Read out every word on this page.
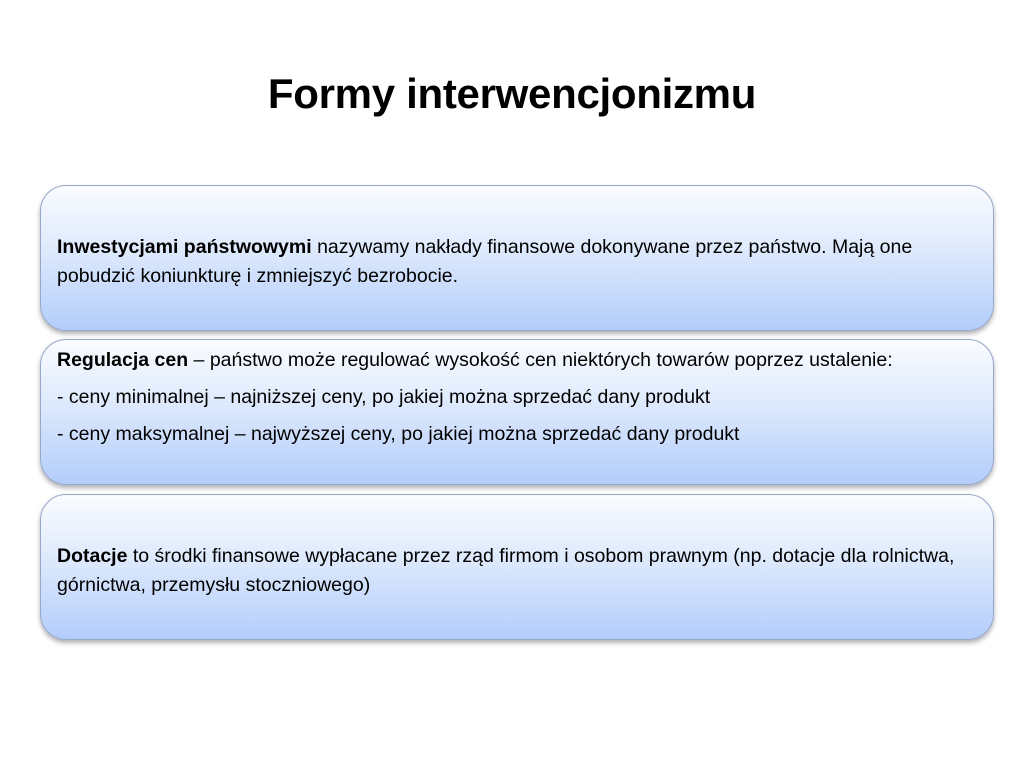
Formy interwencjonizmu

Inwestycjami państwowymi nazywamy nakłady finansowe dokonywane przez państwo. Mają one pobudzić koniunkturę i zmniejszyć bezrobocie.

Regulacja cen – państwo może regulować wysokość cen niektórych towarów poprzez ustalenie:

- ceny minimalnej – najniższej ceny, po jakiej można sprzedać dany produkt

- ceny maksymalnej – najwyższej ceny, po jakiej można sprzedać dany produkt

Dotacje to środki finansowe wypłacane przez rząd firmom i osobom prawnym (np. dotacje dla rolnictwa, górnictwa, przemysłu stoczniowego)
